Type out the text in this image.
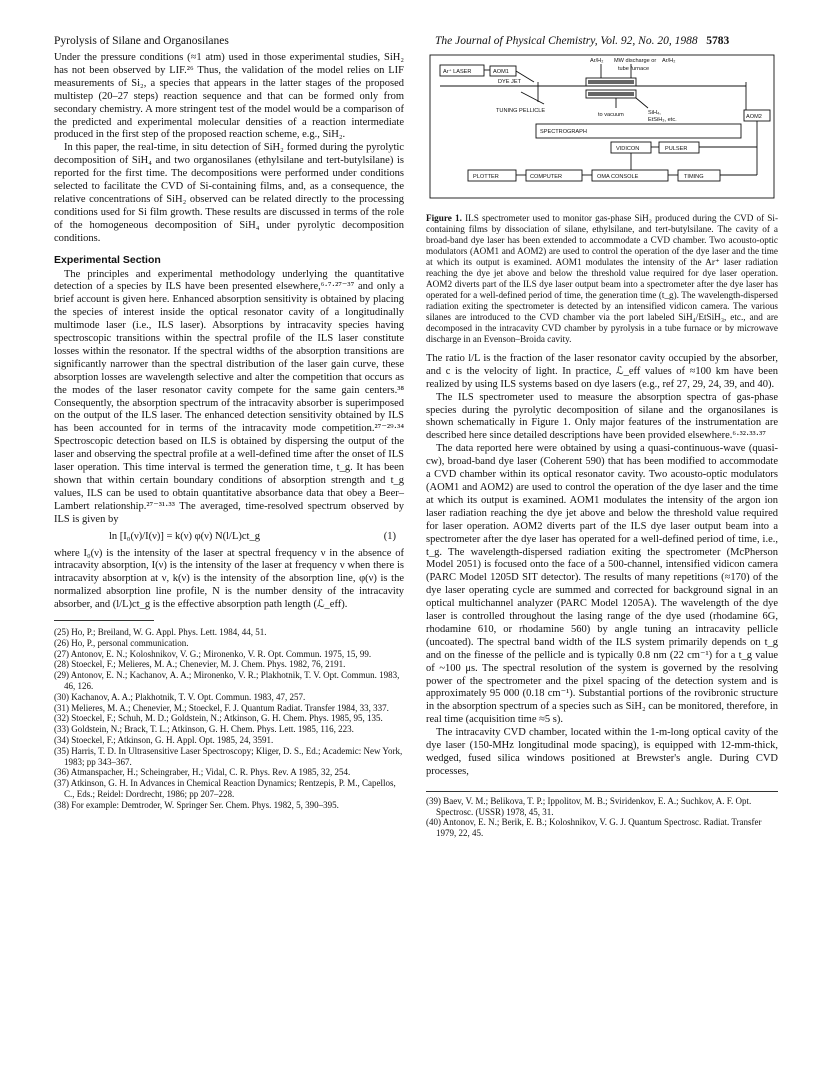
Pyrolysis of Silane and Organosilanes	The Journal of Physical Chemistry, Vol. 92, No. 20, 1988 5783

Under the pressure conditions (≈1 atm) used in those experimental studies, SiH₂ has not been observed by LIF.²⁶ Thus, the validation of the model relies on LIF measurements of Si₂, a species that appears in the latter stages of the proposed multistep (20–27 steps) reaction sequence and that can be formed only from secondary chemistry. A more stringent test of the model would be a comparison of the predicted and experimental molecular densities of a reaction intermediate produced in the first step of the proposed reaction scheme, e.g., SiH₂.

In this paper, the real-time, in situ detection of SiH₂ formed during the pyrolytic decomposition of SiH₄ and two organosilanes (ethylsilane and tert-butylsilane) is reported for the first time. The decompositions were performed under conditions selected to facilitate the CVD of Si-containing films, and, as a consequence, the relative concentrations of SiH₂ observed can be related directly to the processing conditions used for Si film growth. These results are discussed in terms of the role of the homogeneous decomposition of SiH₄ under pyrolytic decomposition conditions.

Experimental Section

The principles and experimental methodology underlying the quantitative detection of a species by ILS have been presented elsewhere,⁶·⁷·²⁷⁻³⁷ and only a brief account is given here. Enhanced absorption sensitivity is obtained by placing the species of interest inside the optical resonator cavity of a longitudinally multimode laser (i.e., ILS laser). Absorptions by intracavity species having spectroscopic transitions within the spectral profile of the ILS laser constitute losses within the resonator. If the spectral widths of the absorption transitions are significantly narrower than the spectral distribution of the laser gain curve, these absorption losses are wavelength selective and alter the competition that occurs as the modes of the laser resonator cavity compete for the same gain centers.³⁸ Consequently, the absorption spectrum of the intracavity absorber is superimposed on the output of the ILS laser. The enhanced detection sensitivity obtained by ILS has been accounted for in terms of the intracavity mode competition.²⁷⁻²⁹·³⁴ Spectroscopic detection based on ILS is obtained by dispersing the output of the laser and observing the spectral profile at a well-defined time after the onset of ILS laser operation. This time interval is termed the generation time, t_g. It has been shown that within certain boundary conditions of absorption strength and t_g values, ILS can be used to obtain quantitative absorbance data that obey a Beer–Lambert relationship.²⁷⁻³¹·³³ The averaged, time-resolved spectrum observed by ILS is given by

ln [I₀(ν)/I(ν)] = k(ν) φ(ν) N(l/L)ct_g	(1)

where I₀(ν) is the intensity of the laser at spectral frequency ν in the absence of intracavity absorption, I(ν) is the intensity of the laser at frequency ν when there is intracavity absorption at ν, k(ν) is the intensity of the absorption line, φ(ν) is the normalized absorption line profile, N is the number density of the intracavity absorber, and (l/L)ct_g is the effective absorption path length (ℒ_eff).

(25) Ho, P.; Breiland, W. G. Appl. Phys. Lett. 1984, 44, 51.
(26) Ho, P., personal communication.
(27) Antonov, E. N.; Koloshnikov, V. G.; Mironenko, V. R. Opt. Commun. 1975, 15, 99.
(28) Stoeckel, F.; Melieres, M. A.; Chenevier, M. J. Chem. Phys. 1982, 76, 2191.
(29) Antonov, E. N.; Kachanov, A. A.; Mironenko, V. R.; Plakhotnik, T. V. Opt. Commun. 1983, 46, 126.
(30) Kachanov, A. A.; Plakhotnik, T. V. Opt. Commun. 1983, 47, 257.
(31) Melieres, M. A.; Chenevier, M.; Stoeckel, F. J. Quantum Radiat. Transfer 1984, 33, 337.
(32) Stoeckel, F.; Schuh, M. D.; Goldstein, N.; Atkinson, G. H. Chem. Phys. 1985, 95, 135.
(33) Goldstein, N.; Brack, T. L.; Atkinson, G. H. Chem. Phys. Lett. 1985, 116, 223.
(34) Stoeckel, F.; Atkinson, G. H. Appl. Opt. 1985, 24, 3591.
(35) Harris, T. D. In Ultrasensitive Laser Spectroscopy; Kliger, D. S., Ed.; Academic: New York, 1983; pp 343–367.
(36) Atmanspacher, H.; Scheingraber, H.; Vidal, C. R. Phys. Rev. A 1985, 32, 254.
(37) Atkinson, G. H. In Advances in Chemical Reaction Dynamics; Rentzepis, P. M., Capellos, C., Eds.; Reidel: Dordrecht, 1986; pp 207–228.
(38) For example: Demtroder, W. Springer Ser. Chem. Phys. 1982, 5, 390–395.
Ar⁺ LASER	AOM1
DYE JET
Ar/H₂ MW discharge or Ar/H₂
tube furnace
TUNING PELLICLE
AOM2
to vacuum	SiH₄,
EtSiH₃, etc.
SPECTROGRAPH
VIDICON	PULSER
PLOTTER	COMPUTER	OMA CONSOLE	TIMING
Figure 1. ILS spectrometer used to monitor gas-phase SiH₂ produced during the CVD of Si-containing films by dissociation of silane, ethylsilane, and tert-butylsilane. The cavity of a broad-band dye laser has been extended to accommodate a CVD chamber. Two acousto-optic modulators (AOM1 and AOM2) are used to control the operation of the dye laser and the time at which its output is examined. AOM1 modulates the intensity of the Ar⁺ laser radiation reaching the dye jet above and below the threshold value required for dye laser operation. AOM2 diverts part of the ILS dye laser output beam into a spectrometer after the dye laser has operated for a well-defined period of time, the generation time (t_g). The wavelength-dispersed radiation exiting the spectrometer is detected by an intensified vidicon camera. The various silanes are introduced to the CVD chamber via the port labeled SiH₄/EtSiH₃, etc., and are decomposed in the intracavity CVD chamber by pyrolysis in a tube furnace or by microwave discharge in an Evenson–Broida cavity.

The ratio l/L is the fraction of the laser resonator cavity occupied by the absorber, and c is the velocity of light. In practice, ℒ_eff values of ≈100 km have been realized by using ILS systems based on dye lasers (e.g., ref 27, 29, 24, 39, and 40).

The ILS spectrometer used to measure the absorption spectra of gas-phase species during the pyrolytic decomposition of silane and the organosilanes is shown schematically in Figure 1. Only major features of the instrumentation are described here since detailed descriptions have been provided elsewhere.⁶·³²·³³·³⁷

The data reported here were obtained by using a quasi-continuous-wave (quasi-cw), broad-band dye laser (Coherent 590) that has been modified to accommodate a CVD chamber within its optical resonator cavity. Two acousto-optic modulators (AOM1 and AOM2) are used to control the operation of the dye laser and the time at which its output is examined. AOM1 modulates the intensity of the argon ion laser radiation reaching the dye jet above and below the threshold value required for laser operation. AOM2 diverts part of the ILS dye laser output beam into a spectrometer after the dye laser has operated for a well-defined period of time, i.e., t_g. The wavelength-dispersed radiation exiting the spectrometer (McPherson Model 2051) is focused onto the face of a 500-channel, intensified vidicon camera (PARC Model 1205D SIT detector). The results of many repetitions (≈170) of the dye laser operating cycle are summed and corrected for background signal in an optical multichannel analyzer (PARC Model 1205A). The wavelength of the dye laser is controlled throughout the lasing range of the dye used (rhodamine 6G, rhodamine 610, or rhodamine 560) by angle tuning an intracavity pellicle (uncoated). The spectral band width of the ILS system primarily depends on t_g and on the finesse of the pellicle and is typically 0.8 nm (22 cm⁻¹) for a t_g value of ~100 μs. The spectral resolution of the system is governed by the resolving power of the spectrometer and the pixel spacing of the detection system and is approximately 95 000 (0.18 cm⁻¹). Substantial portions of the rovibronic structure in the absorption spectrum of a species such as SiH₂ can be monitored, therefore, in real time (acquisition time ≈5 s).

The intracavity CVD chamber, located within the 1-m-long optical cavity of the dye laser (150-MHz longitudinal mode spacing), is equipped with 12-mm-thick, wedged, fused silica windows positioned at Brewster's angle. During CVD processes,

(39) Baev, V. M.; Belikova, T. P.; Ippolitov, M. B.; Sviridenkov, E. A.; Suchkov, A. F. Opt. Spectrosc. (USSR) 1978, 45, 31.
(40) Antonov, E. N.; Berik, E. B.; Koloshnikov, V. G. J. Quantum Spectrosc. Radiat. Transfer 1979, 22, 45.
